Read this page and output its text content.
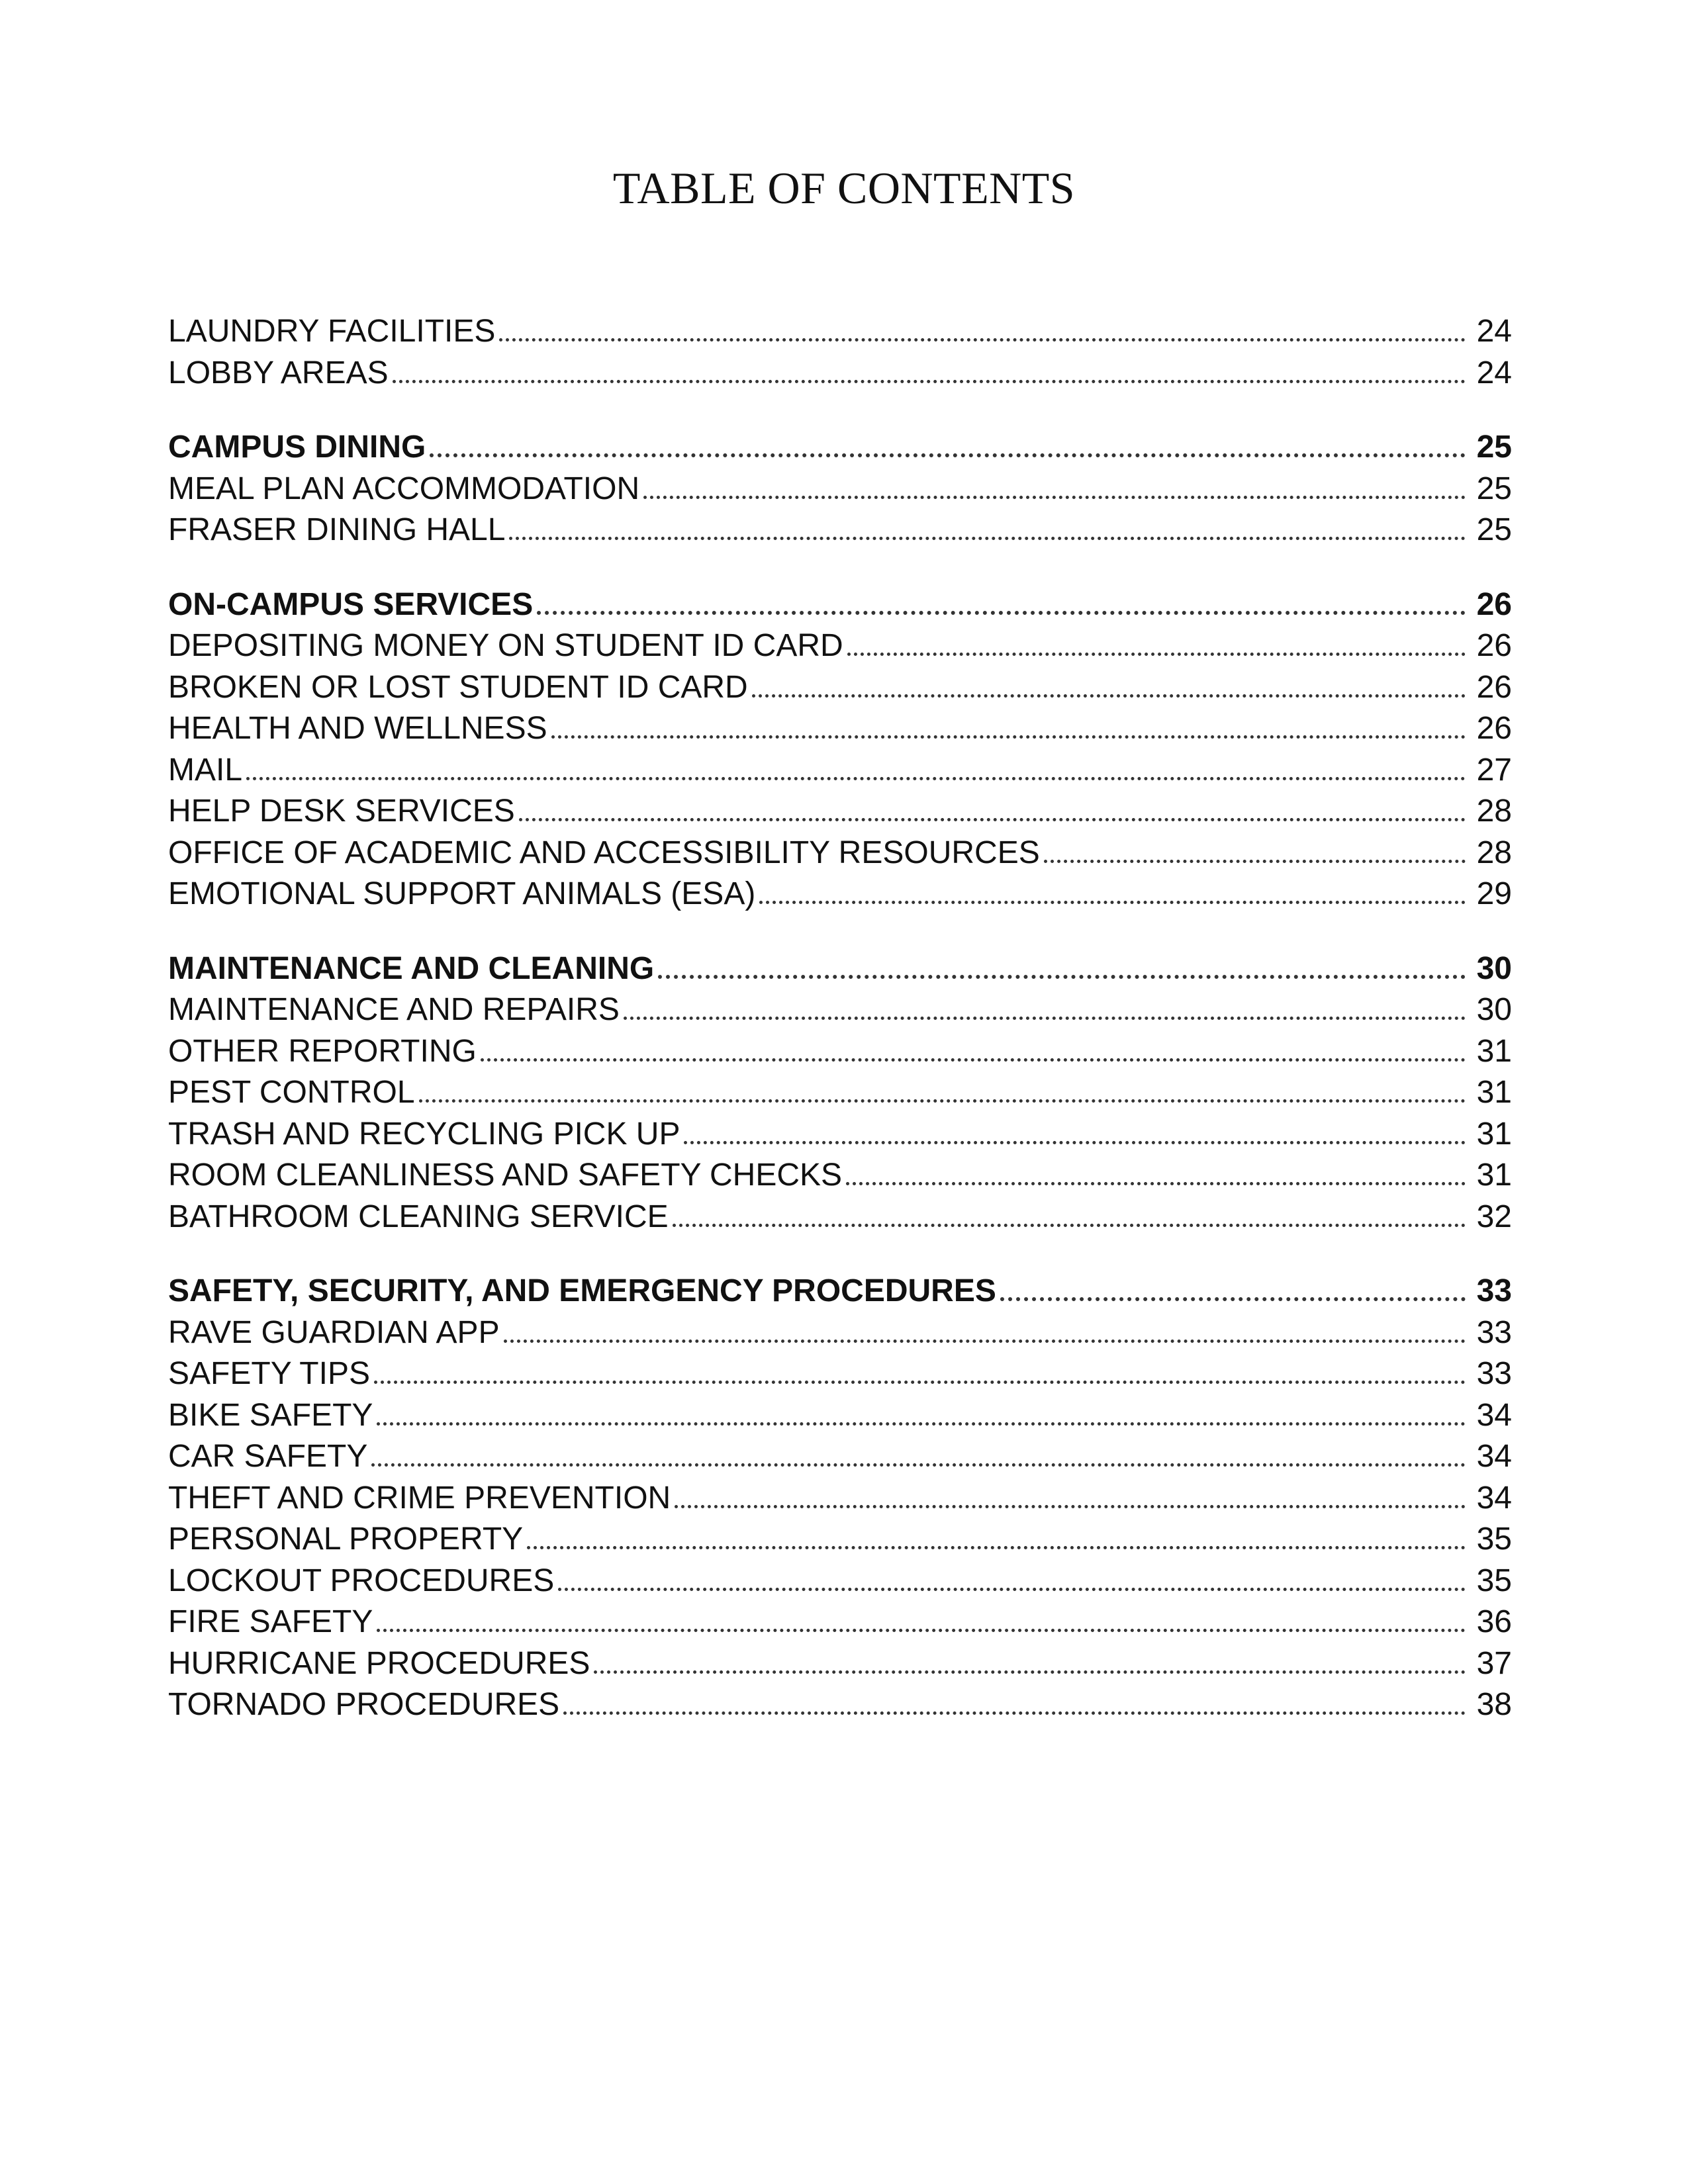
TABLE OF CONTENTS
LAUNDRY FACILITIES	24
LOBBY AREAS	24
CAMPUS DINING	25
MEAL PLAN ACCOMMODATION	25
FRASER DINING HALL	25
ON-CAMPUS SERVICES	26
DEPOSITING MONEY ON STUDENT ID CARD	26
BROKEN OR LOST STUDENT ID CARD	26
HEALTH AND WELLNESS	26
MAIL	27
HELP DESK SERVICES	28
OFFICE OF ACADEMIC AND ACCESSIBILITY RESOURCES	28
EMOTIONAL SUPPORT ANIMALS (ESA)	29
MAINTENANCE AND CLEANING	30
MAINTENANCE AND REPAIRS	30
OTHER REPORTING	31
PEST CONTROL	31
TRASH AND RECYCLING PICK UP	31
ROOM CLEANLINESS AND SAFETY CHECKS	31
BATHROOM CLEANING SERVICE	32
SAFETY, SECURITY, AND EMERGENCY PROCEDURES	33
RAVE GUARDIAN APP	33
SAFETY TIPS	33
BIKE SAFETY	34
CAR SAFETY	34
THEFT AND CRIME PREVENTION	34
PERSONAL PROPERTY	35
LOCKOUT PROCEDURES	35
FIRE SAFETY	36
HURRICANE PROCEDURES	37
TORNADO PROCEDURES	38
